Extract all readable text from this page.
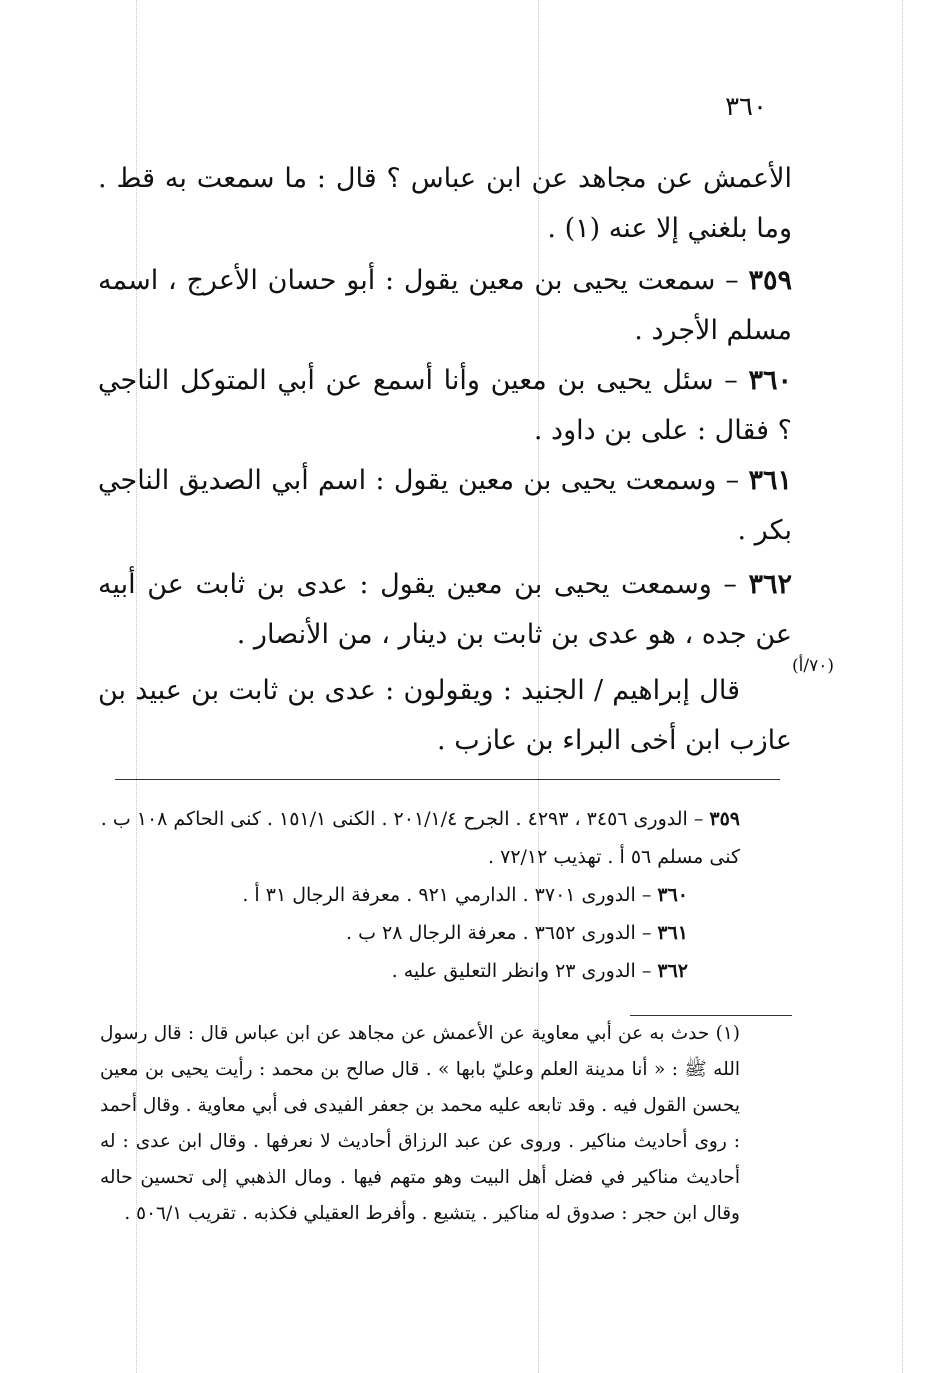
٣٦٠

الأعمش عن مجاهد عن ابن عباس ؟ قال : ما سمعت به قط . وما بلغني إلا عنه (١) .

٣٥٩ – سمعت يحيى بن معين يقول : أبو حسان الأعرج ، اسمه مسلم الأجرد .

٣٦٠ – سئل يحيى بن معين وأنا أسمع عن أبي المتوكل الناجي ؟ فقال : على بن داود .

٣٦١ – وسمعت يحيى بن معين يقول : اسم أبي الصديق الناجي بكر .

٣٦٢ – وسمعت يحيى بن معين يقول : عدى بن ثابت عن أبيه عن جده ، هو عدى بن ثابت بن دينار ، من الأنصار .

قال إبراهيم / الجنيد : ويقولون : عدى بن ثابت بن عبيد بن عازب ابن أخى البراء بن عازب .

(٧٠/أ)

٣٥٩ – الدورى ٣٤٥٦ ، ٤٢٩٣ . الجرح ٢٠١/١/٤ . الكنى ١٥١/١ . كنى الحاكم ١٠٨ ب . كنى مسلم ٥٦ أ . تهذيب ٧٢/١٢ .

٣٦٠ – الدورى ٣٧٠١ . الدارمي ٩٢١ . معرفة الرجال ٣١ أ .

٣٦١ – الدورى ٣٦٥٢ . معرفة الرجال ٢٨ ب .

٣٦٢ – الدورى ٢٣ وانظر التعليق عليه .

(١) حدث به عن أبي معاوية عن الأعمش عن مجاهد عن ابن عباس قال : قال رسول الله ﷺ : « أنا مدينة العلم وعليّ بابها » . قال صالح بن محمد : رأيت يحيى بن معين يحسن القول فيه . وقد تابعه عليه محمد بن جعفر الفيدى فى أبي معاوية . وقال أحمد : روى أحاديث مناكير . وروى عن عبد الرزاق أحاديث لا نعرفها . وقال ابن عدى : له أحاديث مناكير في فضل أهل البيت وهو متهم فيها . ومال الذهبي إلى تحسين حاله وقال ابن حجر : صدوق له مناكير . يتشيع . وأفرط العقيلي فكذبه . تقريب ٥٠٦/١ .
